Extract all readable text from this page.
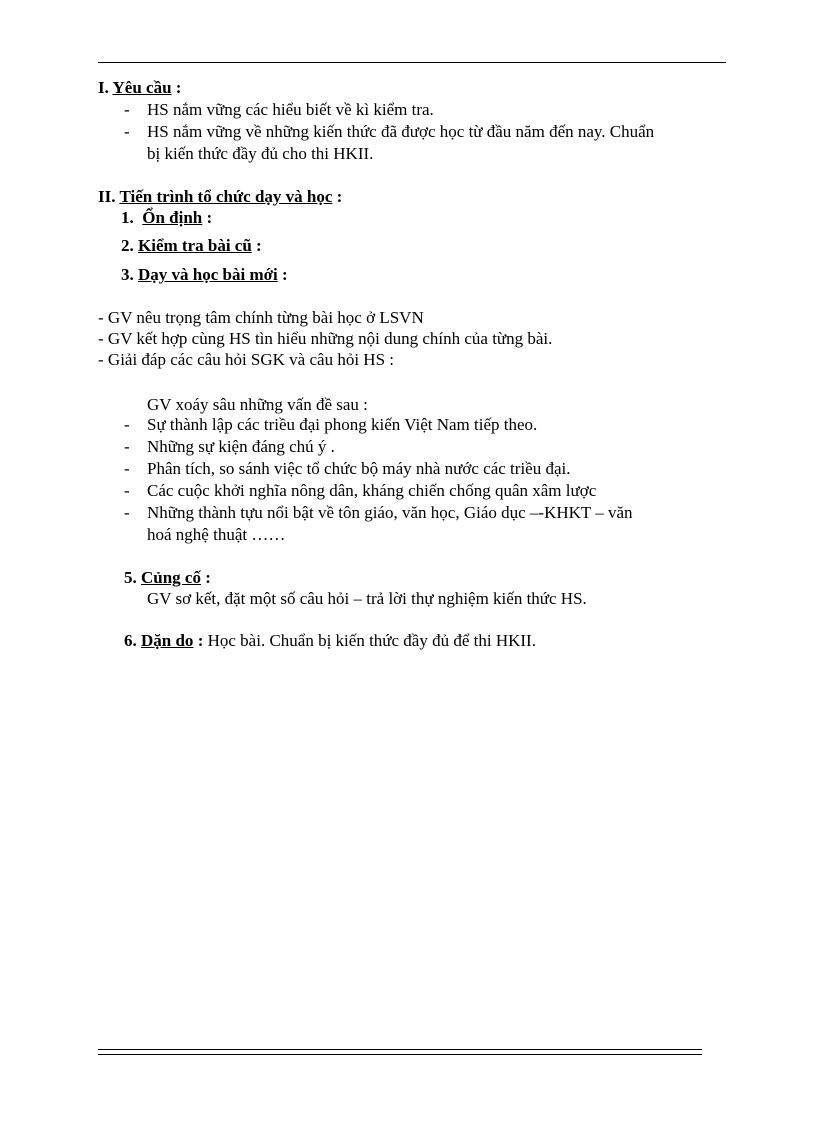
I. Yêu cầu :
- HS nắm vững các hiểu biết về kì kiểm tra.
- HS nắm vững về những kiến thức đã được học từ đầu năm đến nay. Chuẩn
bị kiến thức đầy đủ cho thi HKII.
II. Tiến trình tổ chức dạy và học :
1. Ổn định :
2. Kiểm tra bài cũ :
3. Dạy và học bài mới :
- GV nêu trọng tâm chính từng bài học ở LSVN
- GV kết hợp cùng HS tìn hiểu những nội dung chính của từng bài.
- Giải đáp các câu hỏi SGK và câu hỏi HS :
GV xoáy sâu những vấn đề sau :
- Sự thành lập các triều đại phong kiến Việt Nam tiếp theo.
- Những sự kiện đáng chú ý .
- Phân tích, so sánh việc tổ chức bộ máy nhà nước các triều đại.
- Các cuộc khởi nghĩa nông dân, kháng chiến chống quân xâm lược
- Những thành tựu nổi bật về tôn giáo, văn học, Giáo dục –-KHKT – văn
hoá nghệ thuật ……
5. Củng cố :
GV sơ kết, đặt một số câu hỏi – trả lời thự nghiệm kiến thức HS.
6. Dặn do : Học bài. Chuẩn bị kiến thức đầy đủ để thi HKII.
